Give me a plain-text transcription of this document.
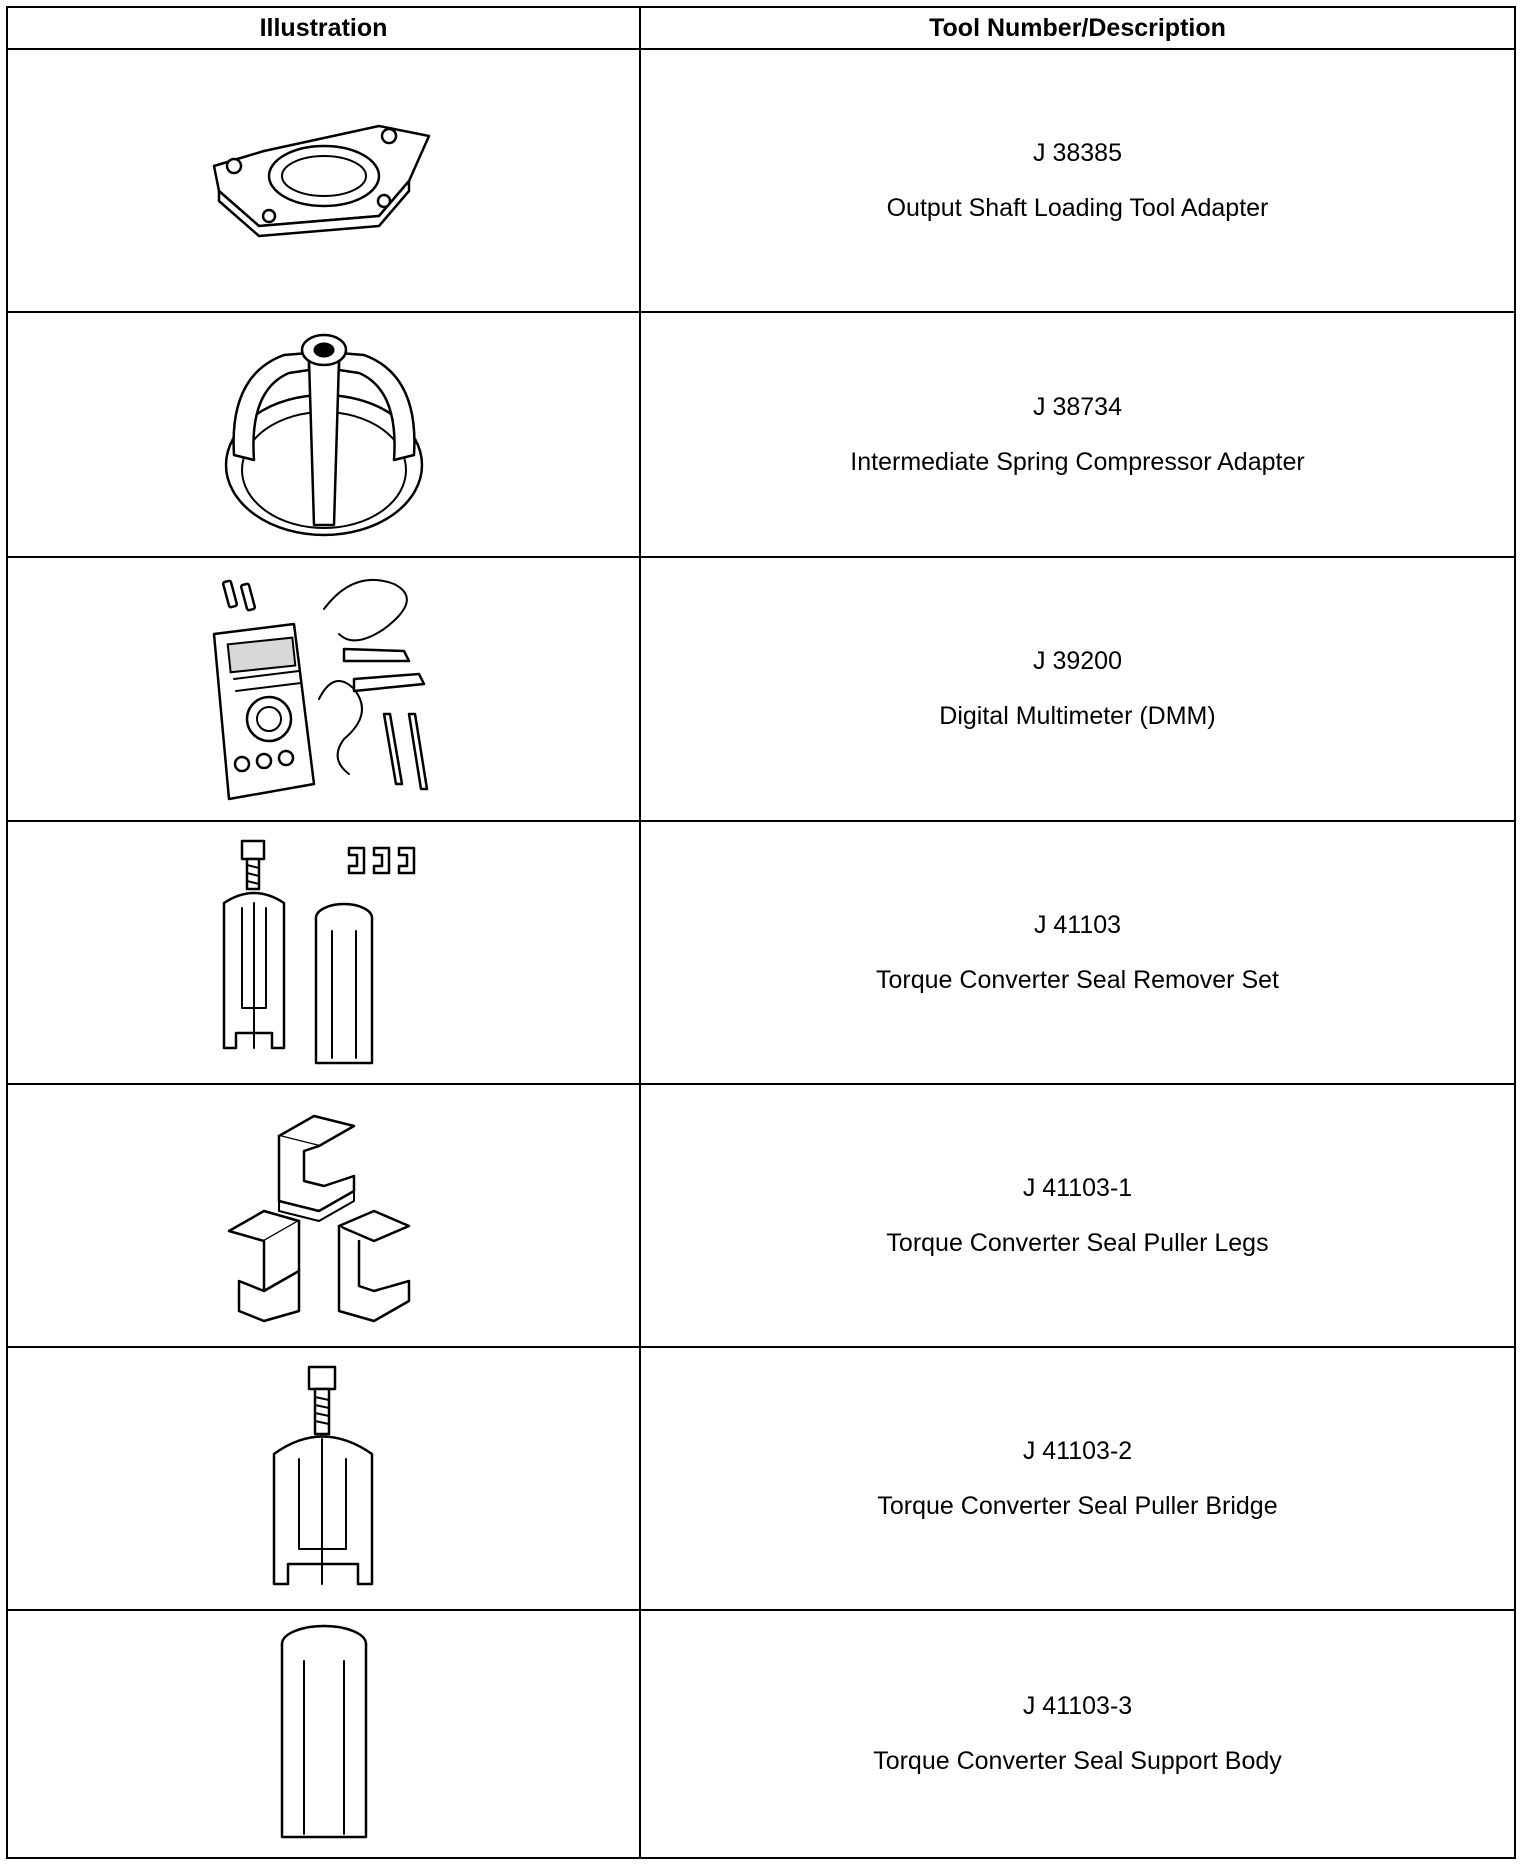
Illustration	Tool Number/Description

J 38385
Output Shaft Loading Tool Adapter

J 38734
Intermediate Spring Compressor Adapter

J 39200
Digital Multimeter (DMM)

J 41103
Torque Converter Seal Remover Set

J 41103-1
Torque Converter Seal Puller Legs

J 41103-2
Torque Converter Seal Puller Bridge

J 41103-3
Torque Converter Seal Support Body
